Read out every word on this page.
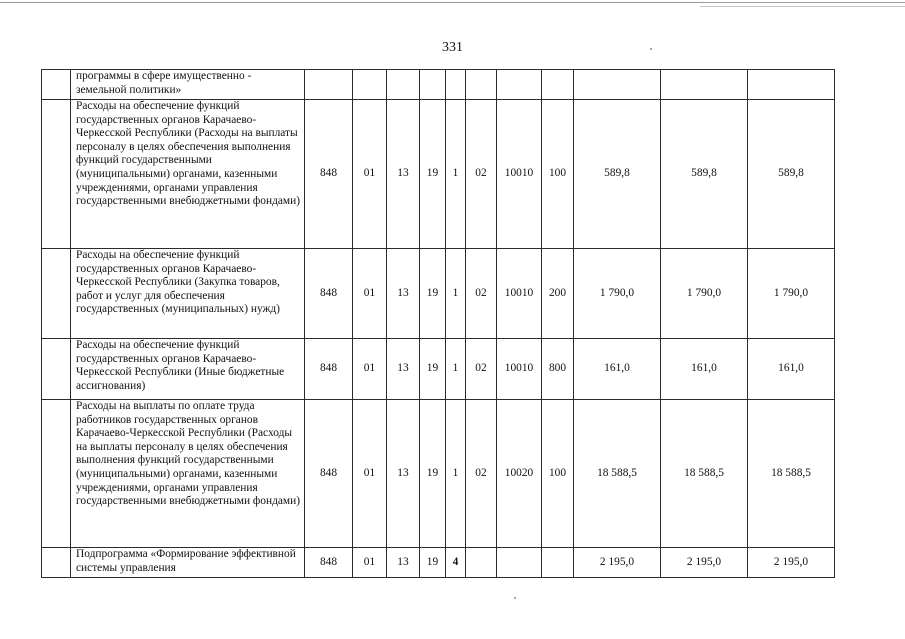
331
	программы в сфере имущественно - земельной политики»											
	Расходы на обеспечение функций государственных органов Карачаево-Черкесской Республики (Расходы на выплаты персоналу в целях обеспечения выполнения функций государственными (муниципальными) органами, казенными учреждениями, органами управления государственными внебюджетными фондами)	848	01	13	19	1	02	10010	100	589,8	589,8	589,8
	Расходы на обеспечение функций государственных органов Карачаево-Черкесской Республики (Закупка товаров, работ и услуг для обеспечения государственных (муниципальных) нужд)	848	01	13	19	1	02	10010	200	1 790,0	1 790,0	1 790,0
	Расходы на обеспечение функций государственных органов Карачаево-Черкесской Республики (Иные бюджетные ассигнования)	848	01	13	19	1	02	10010	800	161,0	161,0	161,0
	Расходы на выплаты по оплате труда работников государственных органов Карачаево-Черкесской Республики (Расходы на выплаты персоналу в целях обеспечения выполнения функций государственными (муниципальными) органами, казенными учреждениями, органами управления государственными внебюджетными фондами)	848	01	13	19	1	02	10020	100	18 588,5	18 588,5	18 588,5
	Подпрограмма «Формирование эффективной системы управления	848	01	13	19	4				2 195,0	2 195,0	2 195,0
